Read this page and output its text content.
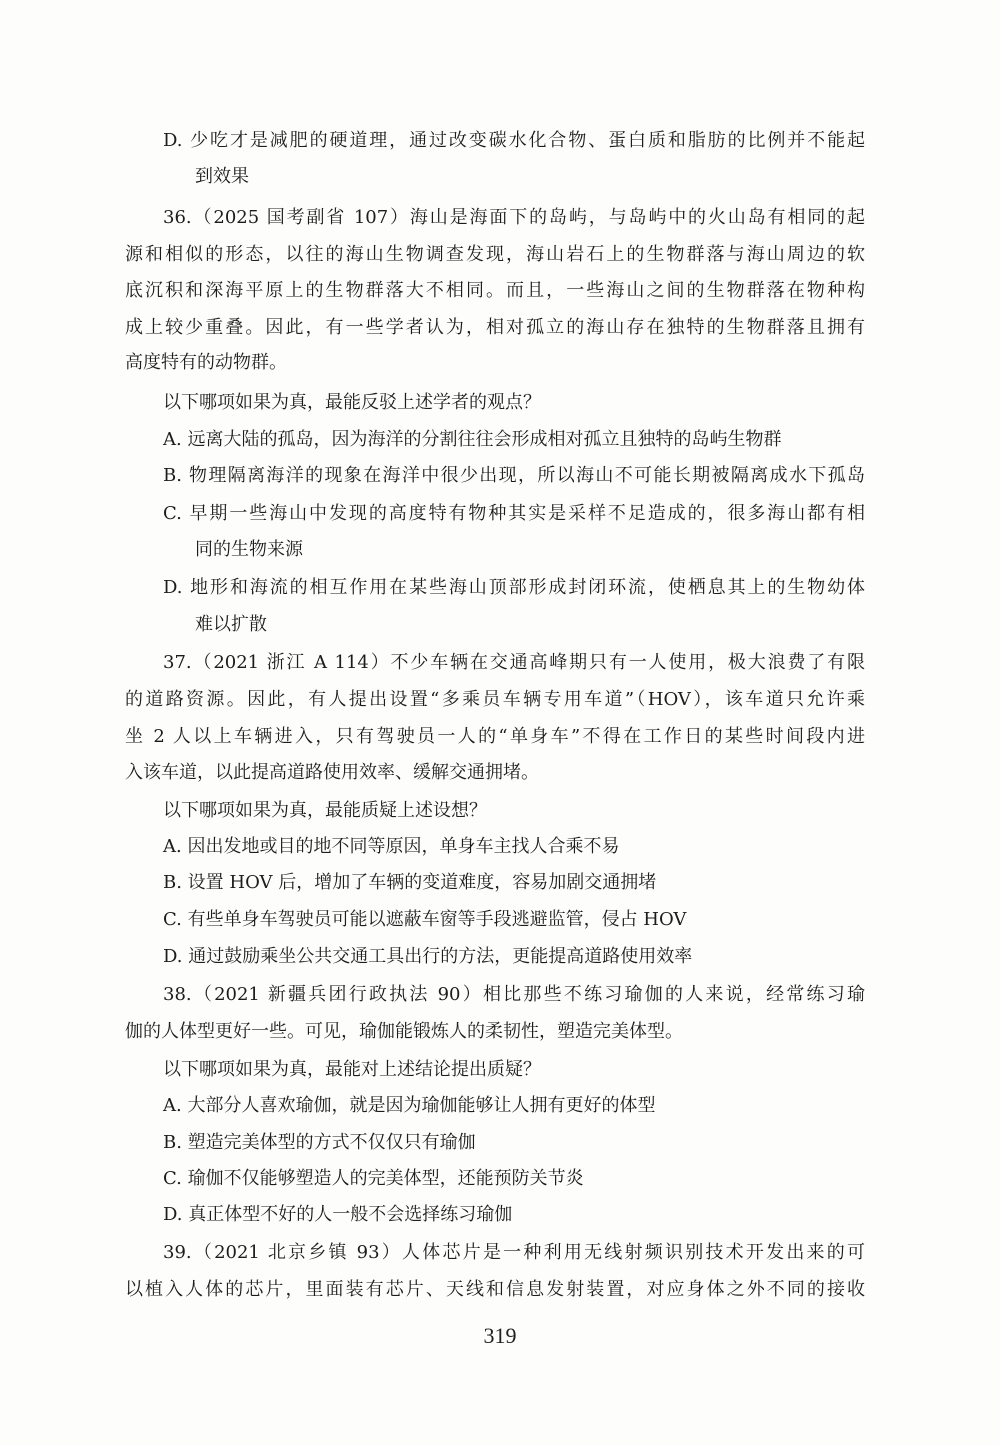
D. 少吃才是减肥的硬道理，通过改变碳水化合物、蛋白质和脂肪的比例并不能起
到效果
36.（2025 国考副省 107）海山是海面下的岛屿，与岛屿中的火山岛有相同的起
源和相似的形态，以往的海山生物调查发现，海山岩石上的生物群落与海山周边的软
底沉积和深海平原上的生物群落大不相同。而且，一些海山之间的生物群落在物种构
成上较少重叠。因此，有一些学者认为，相对孤立的海山存在独特的生物群落且拥有
高度特有的动物群。
以下哪项如果为真，最能反驳上述学者的观点？
A. 远离大陆的孤岛，因为海洋的分割往往会形成相对孤立且独特的岛屿生物群
B. 物理隔离海洋的现象在海洋中很少出现，所以海山不可能长期被隔离成水下孤岛
C. 早期一些海山中发现的高度特有物种其实是采样不足造成的，很多海山都有相
同的生物来源
D. 地形和海流的相互作用在某些海山顶部形成封闭环流，使栖息其上的生物幼体
难以扩散
37.（2021 浙江 A 114）不少车辆在交通高峰期只有一人使用，极大浪费了有限
的道路资源。因此，有人提出设置“多乘员车辆专用车道”（HOV），该车道只允许乘
坐 2 人以上车辆进入，只有驾驶员一人的“单身车”不得在工作日的某些时间段内进
入该车道，以此提高道路使用效率、缓解交通拥堵。
以下哪项如果为真，最能质疑上述设想？
A. 因出发地或目的地不同等原因，单身车主找人合乘不易
B. 设置 HOV 后，增加了车辆的变道难度，容易加剧交通拥堵
C. 有些单身车驾驶员可能以遮蔽车窗等手段逃避监管，侵占 HOV
D. 通过鼓励乘坐公共交通工具出行的方法，更能提高道路使用效率
38.（2021 新疆兵团行政执法 90）相比那些不练习瑜伽的人来说，经常练习瑜
伽的人体型更好一些。可见，瑜伽能锻炼人的柔韧性，塑造完美体型。
以下哪项如果为真，最能对上述结论提出质疑？
A. 大部分人喜欢瑜伽，就是因为瑜伽能够让人拥有更好的体型
B. 塑造完美体型的方式不仅仅只有瑜伽
C. 瑜伽不仅能够塑造人的完美体型，还能预防关节炎
D. 真正体型不好的人一般不会选择练习瑜伽
39.（2021 北京乡镇 93）人体芯片是一种利用无线射频识别技术开发出来的可
以植入人体的芯片，里面装有芯片、天线和信息发射装置，对应身体之外不同的接收
319
